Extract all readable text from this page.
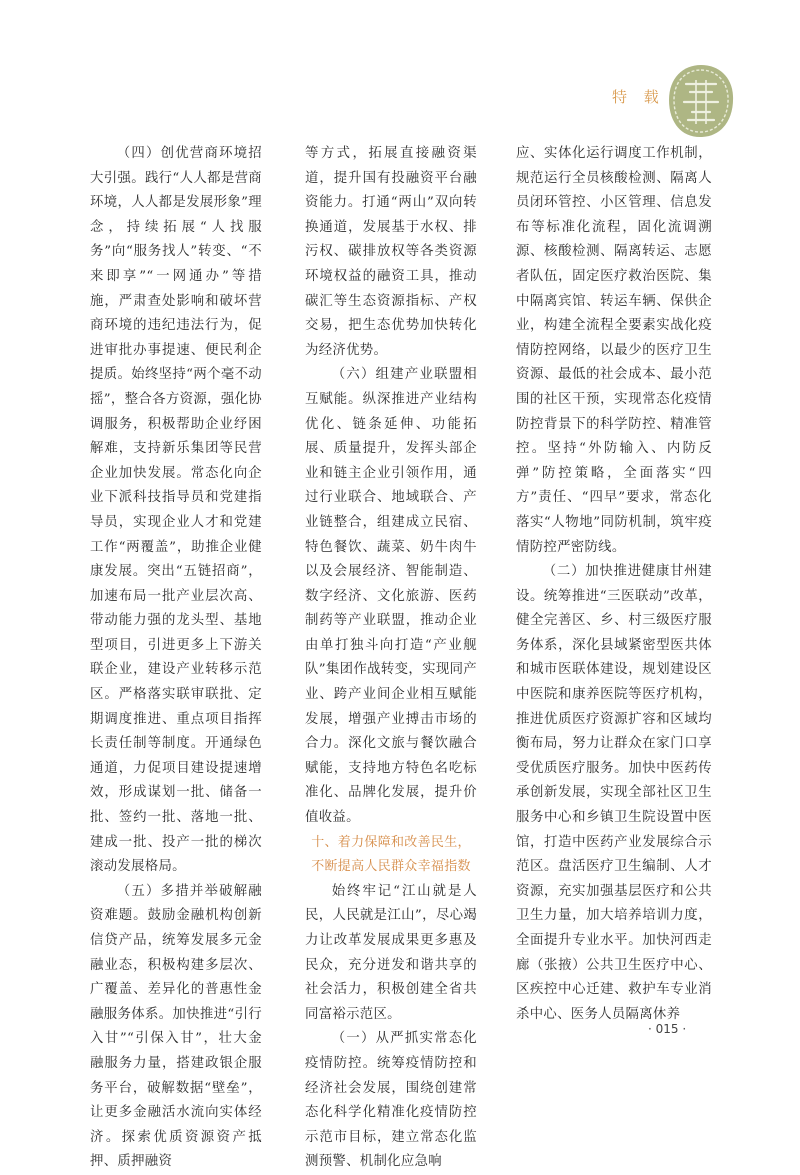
特 载

（四）创优营商环境招大引强。践行“人人都是营商环境，人人都是发展形象”理念，持续拓展“人找服务”向“服务找人”转变、“不来即享”“一网通办”等措施，严肃查处影响和破坏营商环境的违纪违法行为，促进审批办事提速、便民利企提质。始终坚持“两个毫不动摇”，整合各方资源，强化协调服务，积极帮助企业纾困解难，支持新乐集团等民营企业加快发展。常态化向企业下派科技指导员和党建指导员，实现企业人才和党建工作“两覆盖”，助推企业健康发展。突出“五链招商”，加速布局一批产业层次高、带动能力强的龙头型、基地型项目，引进更多上下游关联企业，建设产业转移示范区。严格落实联审联批、定期调度推进、重点项目指挥长责任制等制度。开通绿色通道，力促项目建设提速增效，形成谋划一批、储备一批、签约一批、落地一批、建成一批、投产一批的梯次滚动发展格局。

（五）多措并举破解融资难题。鼓励金融机构创新信贷产品，统筹发展多元金融业态，积极构建多层次、广覆盖、差异化的普惠性金融服务体系。加快推进“引行入甘”“引保入甘”，壮大金融服务力量，搭建政银企服务平台，破解数据“壁垒”，让更多金融活水流向实体经济。探索优质资源资产抵押、质押融资

等方式，拓展直接融资渠道，提升国有投融资平台融资能力。打通“两山”双向转换通道，发展基于水权、排污权、碳排放权等各类资源环境权益的融资工具，推动碳汇等生态资源指标、产权交易，把生态优势加快转化为经济优势。

（六）组建产业联盟相互赋能。纵深推进产业结构优化、链条延伸、功能拓展、质量提升，发挥头部企业和链主企业引领作用，通过行业联合、地域联合、产业链整合，组建成立民宿、特色餐饮、蔬菜、奶牛肉牛以及会展经济、智能制造、数字经济、文化旅游、医药制药等产业联盟，推动企业由单打独斗向打造“产业舰队”集团作战转变，实现同产业、跨产业间企业相互赋能发展，增强产业搏击市场的合力。深化文旅与餐饮融合赋能，支持地方特色名吃标准化、品牌化发展，提升价值收益。

十、着力保障和改善民生，

不断提高人民群众幸福指数

始终牢记“江山就是人民，人民就是江山”，尽心竭力让改革发展成果更多惠及民众，充分迸发和谐共享的社会活力，积极创建全省共同富裕示范区。

（一）从严抓实常态化疫情防控。统筹疫情防控和经济社会发展，围绕创建常态化科学化精准化疫情防控示范市目标，建立常态化监测预警、机制化应急响

应、实体化运行调度工作机制，规范运行全员核酸检测、隔离人员闭环管控、小区管理、信息发布等标准化流程，固化流调溯源、核酸检测、隔离转运、志愿者队伍，固定医疗救治医院、集中隔离宾馆、转运车辆、保供企业，构建全流程全要素实战化疫情防控网络，以最少的医疗卫生资源、最低的社会成本、最小范围的社区干预，实现常态化疫情防控背景下的科学防控、精准管控。坚持“外防输入、内防反弹”防控策略，全面落实“四方”责任、“四早”要求，常态化落实“人物地”同防机制，筑牢疫情防控严密防线。

（二）加快推进健康甘州建设。统筹推进“三医联动”改革，健全完善区、乡、村三级医疗服务体系，深化县域紧密型医共体和城市医联体建设，规划建设区中医院和康养医院等医疗机构，推进优质医疗资源扩容和区域均衡布局，努力让群众在家门口享受优质医疗服务。加快中医药传承创新发展，实现全部社区卫生服务中心和乡镇卫生院设置中医馆，打造中医药产业发展综合示范区。盘活医疗卫生编制、人才资源，充实加强基层医疗和公共卫生力量，加大培养培训力度，全面提升专业水平。加快河西走廊（张掖）公共卫生医疗中心、区疾控中心迁建、救护车专业消杀中心、医务人员隔离休养

· 015 ·
